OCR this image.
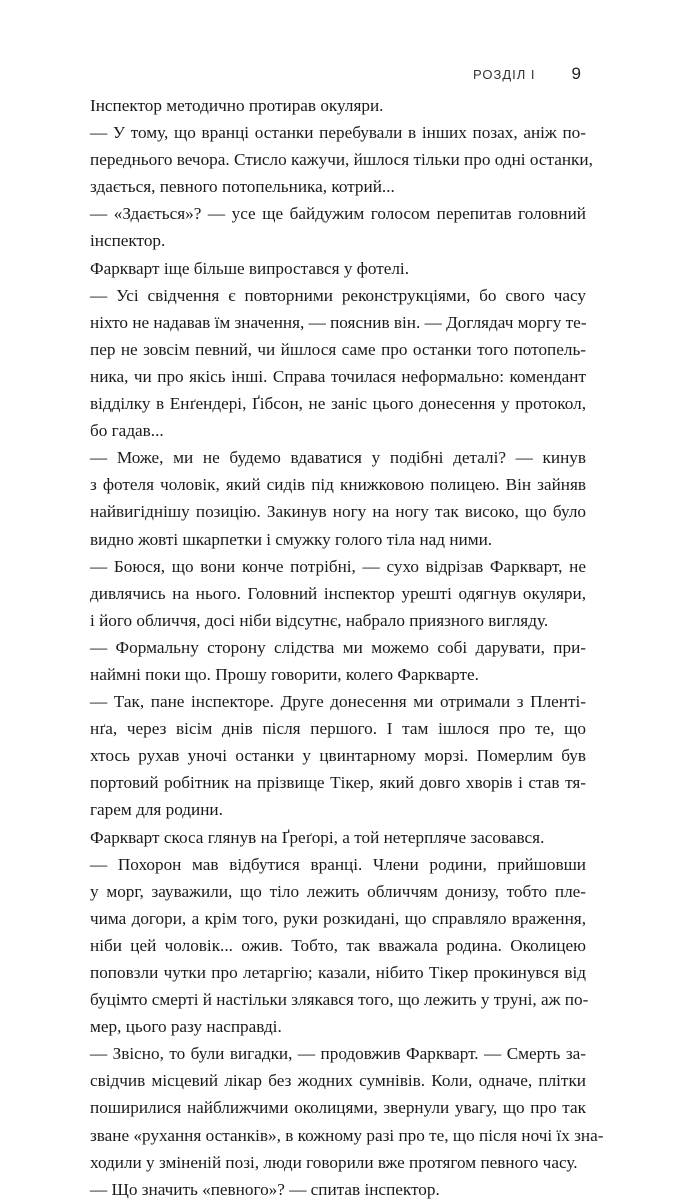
РОЗДІЛ І 9
Інспектор методично протирав окуляри.
— У тому, що вранці останки перебували в інших позах, аніж по-
переднього вечора. Стисло кажучи, йшлося тільки про одні останки,
здається, певного потопельника, котрий...
— «Здається»? — усе ще байдужим голосом перепитав головний
інспектор.
Фаркварт іще більше випростався у фотелі.
— Усі свідчення є повторними реконструкціями, бо свого часу
ніхто не надавав їм значення, — пояснив він. — Доглядач моргу те-
пер не зовсім певний, чи йшлося саме про останки того потопель-
ника, чи про якісь інші. Справа точилася неформально: комендант
відділку в Енґендері, Ґібсон, не заніс цього донесення у протокол,
бо гадав...
— Може, ми не будемо вдаватися у подібні деталі? — кинув
з фотеля чоловік, який сидів під книжковою полицею. Він зайняв
найвигіднішу позицію. Закинув ногу на ногу так високо, що було
видно жовті шкарпетки і смужку голого тіла над ними.
— Боюся, що вони конче потрібні, — сухо відрізав Фаркварт, не
дивлячись на нього. Головний інспектор урешті одягнув окуляри,
і його обличчя, досі ніби відсутнє, набрало приязного вигляду.
— Формальну сторону слідства ми можемо собі дарувати, при-
наймні поки що. Прошу говорити, колего Фаркварте.
— Так, пане інспекторе. Друге донесення ми отримали з Пленті-
нґа, через вісім днів після першого. І там ішлося про те, що
хтось рухав уночі останки у цвинтарному морзі. Померлим був
портовий робітник на прізвище Тікер, який довго хворів і став тя-
гарем для родини.
Фаркварт скоса глянув на Ґреґорі, а той нетерпляче засовався.
— Похорон мав відбутися вранці. Члени родини, прийшовши
у морг, зауважили, що тіло лежить обличчям донизу, тобто пле-
чима догори, а крім того, руки розкидані, що справляло враження,
ніби цей чоловік... ожив. Тобто, так вважала родина. Околицею
поповзли чутки про летаргію; казали, нібито Тікер прокинувся від
буцімто смерті й настільки злякався того, що лежить у труні, аж по-
мер, цього разу насправді.
— Звісно, то були вигадки, — продовжив Фаркварт. — Смерть за-
свідчив місцевий лікар без жодних сумнівів. Коли, одначе, плітки
поширилися найближчими околицями, звернули увагу, що про так
зване «рухання останків», в кожному разі про те, що після ночі їх зна-
ходили у зміненій позі, люди говорили вже протягом певного часу.
— Що значить «певного»? — спитав інспектор.
